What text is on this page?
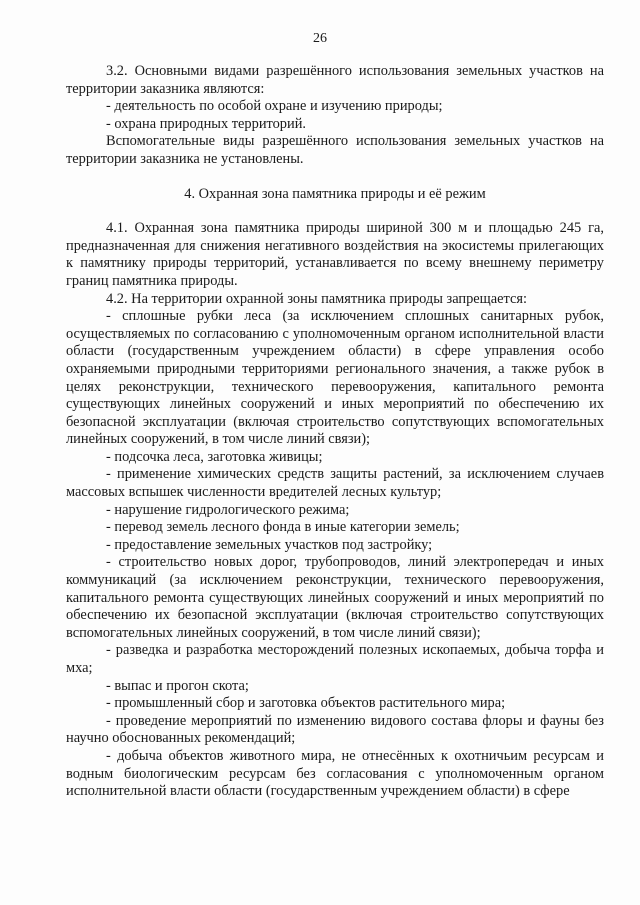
26

3.2. Основными видами разрешённого использования земельных участков на территории заказника являются:

- деятельность по особой охране и изучению природы;

- охрана природных территорий.

Вспомогательные виды разрешённого использования земельных участков на территории заказника не установлены.

4. Охранная зона памятника природы и её режим

4.1. Охранная зона памятника природы шириной 300 м и площадью 245 га, предназначенная для снижения негативного воздействия на экосистемы прилегающих к памятнику природы территорий, устанавливается по всему внешнему периметру границ памятника природы.

4.2. На территории охранной зоны памятника природы запрещается:

- сплошные рубки леса (за исключением сплошных санитарных рубок, осуществляемых по согласованию с уполномоченным органом исполнительной власти области (государственным учреждением области) в сфере управления особо охраняемыми природными территориями регионального значения, а также рубок в целях реконструкции, технического перевооружения, капитального ремонта существующих линейных сооружений и иных мероприятий по обеспечению их безопасной эксплуатации (включая строительство сопутствующих вспомогательных линейных сооружений, в том числе линий связи);

- подсочка леса, заготовка живицы;

- применение химических средств защиты растений, за исключением случаев массовых вспышек численности вредителей лесных культур;

- нарушение гидрологического режима;

- перевод земель лесного фонда в иные категории земель;

- предоставление земельных участков под застройку;

- строительство новых дорог, трубопроводов, линий электропередач и иных коммуникаций (за исключением реконструкции, технического перевооружения, капитального ремонта существующих линейных сооружений и иных мероприятий по обеспечению их безопасной эксплуатации (включая строительство сопутствующих вспомогательных линейных сооружений, в том числе линий связи);

- разведка и разработка месторождений полезных ископаемых, добыча торфа и мха;

- выпас и прогон скота;

- промышленный сбор и заготовка объектов растительного мира;

- проведение мероприятий по изменению видового состава флоры и фауны без научно обоснованных рекомендаций;

- добыча объектов животного мира, не отнесённых к охотничьим ресурсам и водным биологическим ресурсам без согласования с уполномоченным органом исполнительной власти области (государственным учреждением области) в сфере
